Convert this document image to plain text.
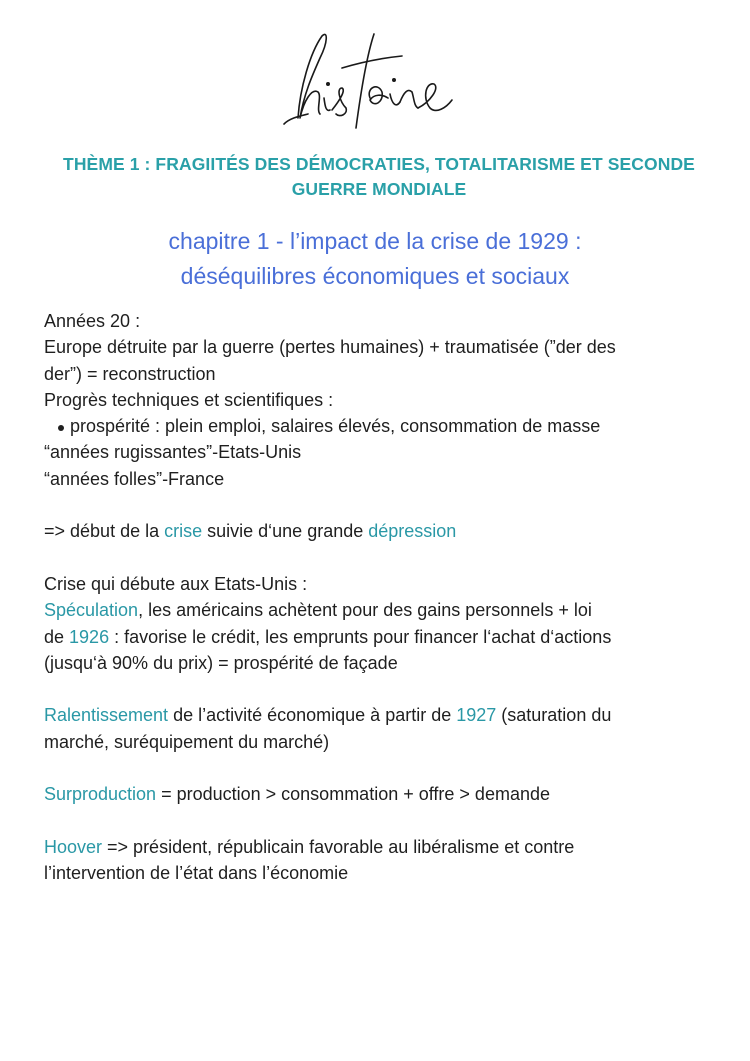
THÈME 1 : FRAGIITÉS DES DÉMOCRATIES, TOTALITARISME ET SECONDE
GUERRE MONDIALE
chapitre 1 - l’impact de la crise de 1929 :
déséquilibres économiques et sociaux
Années 20 :
Europe détruite par la guerre (pertes humaines) + traumatisée (”der des
der”) = reconstruction
Progrès techniques et scientifiques :
prospérité : plein emploi, salaires élevés, consommation de masse
“années rugissantes”-Etats-Unis
“années folles”-France
=> début de la crise suivie d‘une grande dépression
Crise qui débute aux Etats-Unis :
Spéculation, les américains achètent pour des gains personnels + loi
de 1926 : favorise le crédit, les emprunts pour financer l‘achat d‘actions
(jusqu‘à 90% du prix) = prospérité de façade
Ralentissement de l’activité économique à partir de 1927 (saturation du
marché, suréquipement du marché)
Surproduction = production > consommation + offre > demande
Hoover => président, républicain favorable au libéralisme et contre
l’intervention de l’état dans l’économie
